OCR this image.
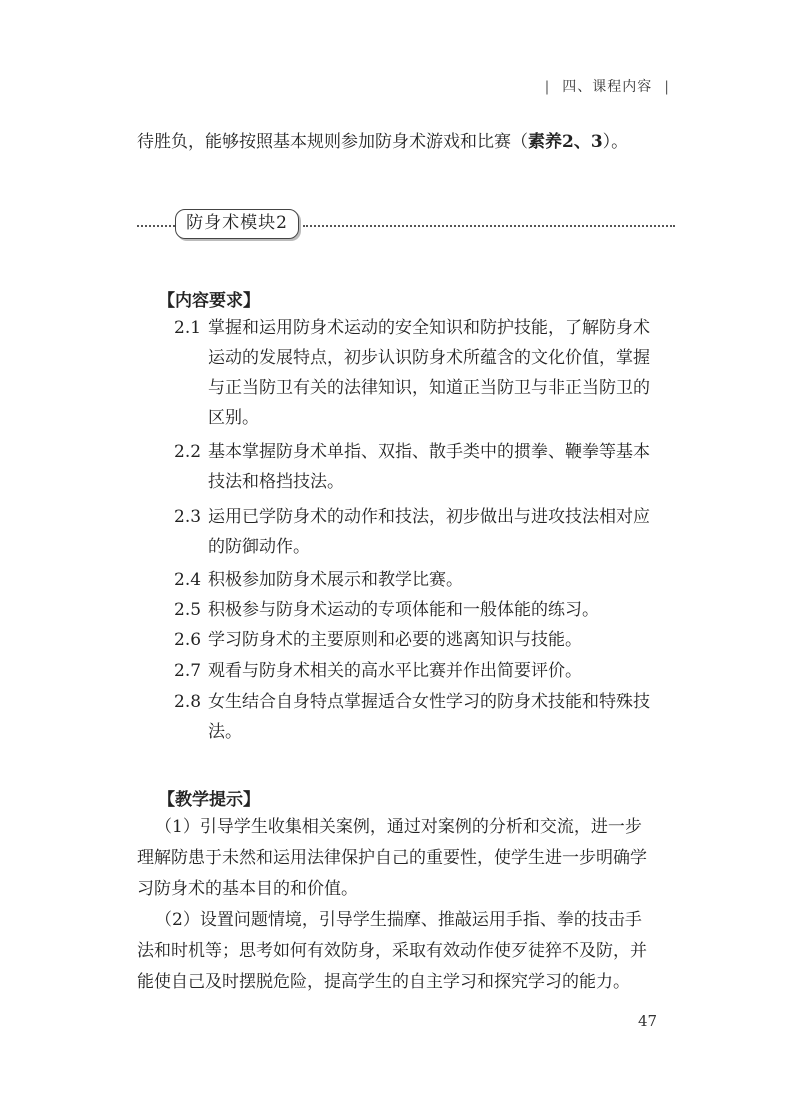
| 四、课程内容 |
待胜负，能够按照基本规则参加防身术游戏和比赛（素养2、3）。
防身术模块2
【内容要求】
2.1 掌握和运用防身术运动的安全知识和防护技能，了解防身术
运动的发展特点，初步认识防身术所蕴含的文化价值，掌握
与正当防卫有关的法律知识，知道正当防卫与非正当防卫的
区别。
2.2 基本掌握防身术单指、双指、散手类中的掼拳、鞭拳等基本
技法和格挡技法。
2.3 运用已学防身术的动作和技法，初步做出与进攻技法相对应
的防御动作。
2.4 积极参加防身术展示和教学比赛。
2.5 积极参与防身术运动的专项体能和一般体能的练习。
2.6 学习防身术的主要原则和必要的逃离知识与技能。
2.7 观看与防身术相关的高水平比赛并作出简要评价。
2.8 女生结合自身特点掌握适合女性学习的防身术技能和特殊技
法。
【教学提示】
（1）引导学生收集相关案例，通过对案例的分析和交流，进一步
理解防患于未然和运用法律保护自己的重要性，使学生进一步明确学
习防身术的基本目的和价值。
（2）设置问题情境，引导学生揣摩、推敲运用手指、拳的技击手
法和时机等；思考如何有效防身，采取有效动作使歹徒猝不及防，并
能使自己及时摆脱危险，提高学生的自主学习和探究学习的能力。
47
